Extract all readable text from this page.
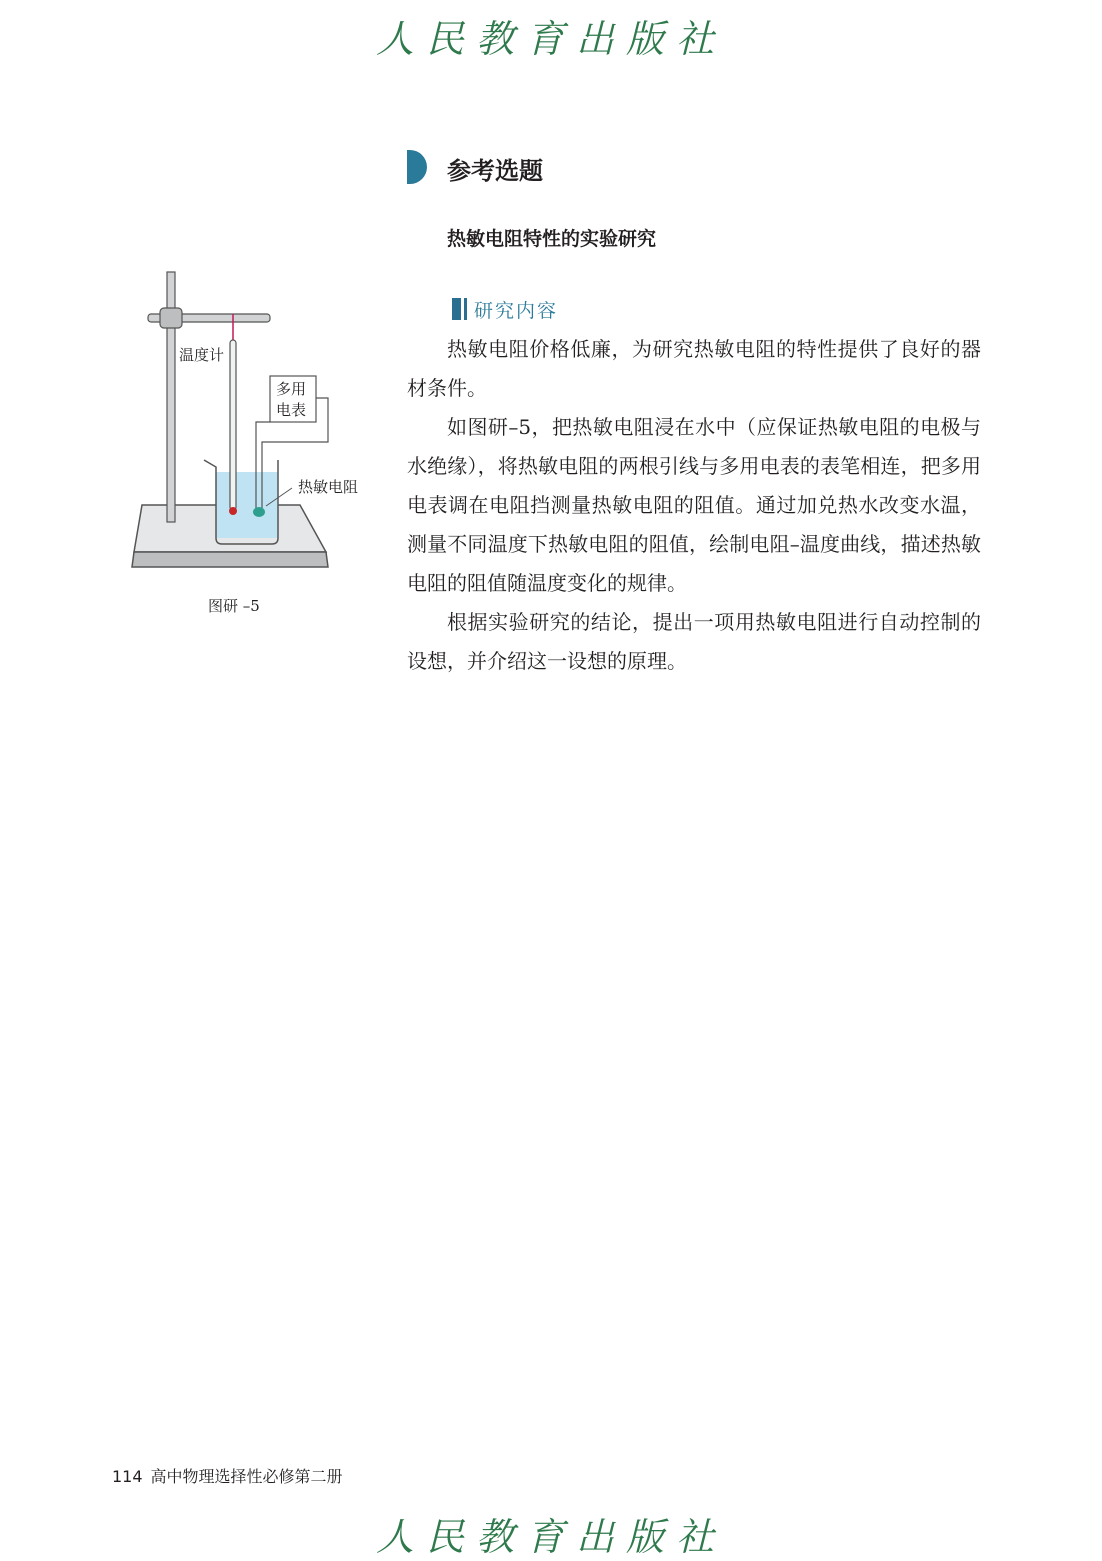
人民教育出版社
参考选题
热敏电阻特性的实验研究
温度计
多用
电表
热敏电阻
图研 –5
研究内容

热敏电阻价格低廉，为研究热敏电阻的特性提供了良好的器材条件。

如图研–5，把热敏电阻浸在水中（应保证热敏电阻的电极与水绝缘），将热敏电阻的两根引线与多用电表的表笔相连，把多用电表调在电阻挡测量热敏电阻的阻值。通过加兑热水改变水温，测量不同温度下热敏电阻的阻值，绘制电阻–温度曲线，描述热敏电阻的阻值随温度变化的规律。

根据实验研究的结论，提出一项用热敏电阻进行自动控制的设想，并介绍这一设想的原理。

114 高中物理选择性必修第二册
人民教育出版社
